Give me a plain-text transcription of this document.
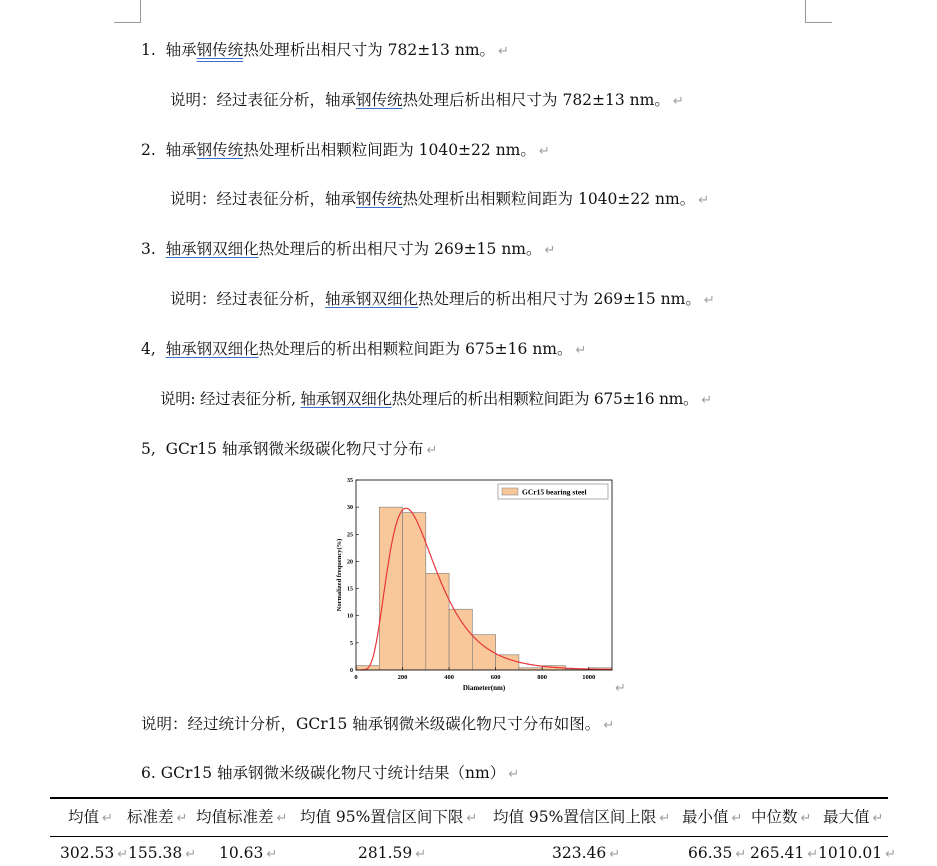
1. 轴承钢传统热处理析出相尺寸为 782±13 nm。 ↵
说明：经过表征分析，轴承钢传统热处理后析出相尺寸为 782±13 nm。 ↵
2. 轴承钢传统热处理析出相颗粒间距为 1040±22 nm。 ↵
说明：经过表征分析，轴承钢传统热处理析出相颗粒间距为 1040±22 nm。 ↵
3. 轴承钢双细化热处理后的析出相尺寸为 269±15 nm。 ↵
说明：经过表征分析，轴承钢双细化热处理后的析出相尺寸为 269±15 nm。 ↵
4, 轴承钢双细化热处理后的析出相颗粒间距为 675±16 nm。 ↵
说明: 经过表征分析, 轴承钢双细化热处理后的析出相颗粒间距为 675±16 nm。 ↵
5, GCr15 轴承钢微米级碳化物尺寸分布 ↵
0	200	400	600	800	1000
0
5
10
15
20
25
30
35
Diameter(nm)
Normalized frequency(%)
GCr15 bearing steel
↵
说明：经过统计分析，GCr15 轴承钢微米级碳化物尺寸分布如图。 ↵
6. GCr15 轴承钢微米级碳化物尺寸统计结果（nm） ↵
均值 ↵ 标准差 ↵ 均值标准差 ↵ 均值 95%置信区间下限 ↵ 均值 95%置信区间上限 ↵ 最小值 ↵ 中位数 ↵ 最大值 ↵
302.53 ↵ 155.38 ↵ 10.63 ↵	281.59 ↵	323.46 ↵	66.35 ↵ 265.41 ↵ 1010.01 ↵
